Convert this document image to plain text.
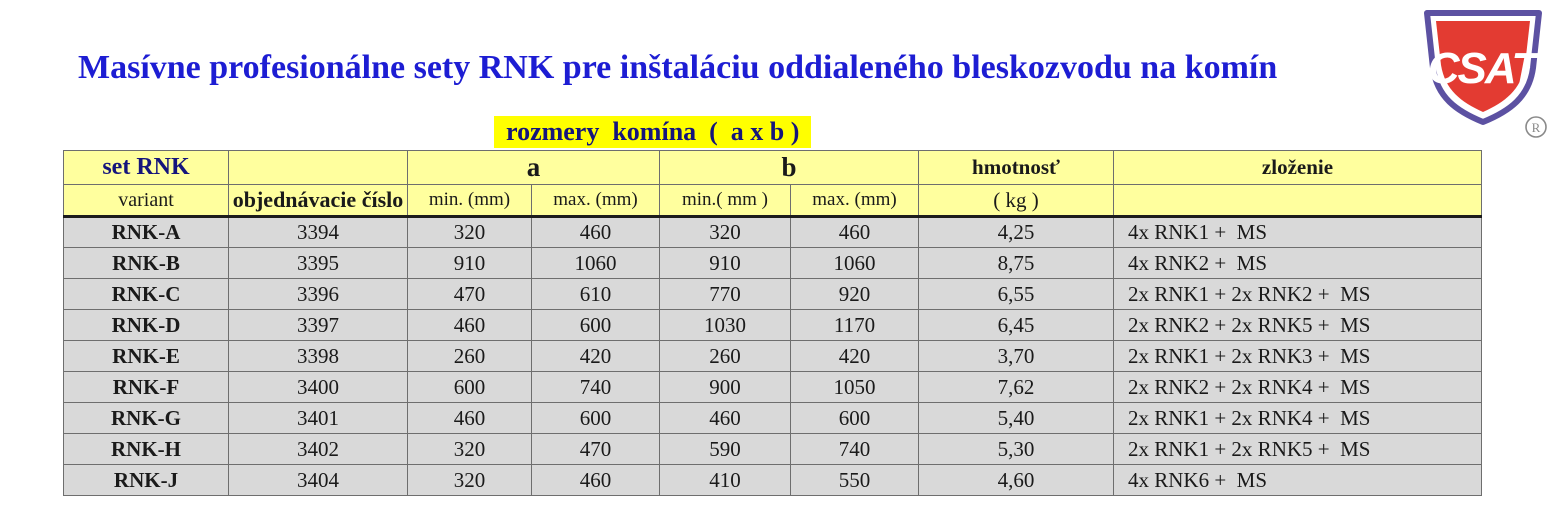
Masívne profesionálne sety RNK pre inštaláciu oddialeného bleskozvodu na komín	CSAT
R
rozmery  komína  (  a x b )
set RNK		a		b		hmotnosť	zloženie
variant	objednávacie číslo	min. (mm)	max. (mm)	min.( mm )	max. (mm)	( kg )	
RNK-A	3394	320	460	320	460	4,25	4x RNK1 +  MS
RNK-B	3395	910	1060	910	1060	8,75	4x RNK2 +  MS
RNK-C	3396	470	610	770	920	6,55	2x RNK1 + 2x RNK2 +  MS
RNK-D	3397	460	600	1030	1170	6,45	2x RNK2 + 2x RNK5 +  MS
RNK-E	3398	260	420	260	420	3,70	2x RNK1 + 2x RNK3 +  MS
RNK-F	3400	600	740	900	1050	7,62	2x RNK2 + 2x RNK4 +  MS
RNK-G	3401	460	600	460	600	5,40	2x RNK1 + 2x RNK4 +  MS
RNK-H	3402	320	470	590	740	5,30	2x RNK1 + 2x RNK5 +  MS
RNK-J	3404	320	460	410	550	4,60	4x RNK6 +  MS
